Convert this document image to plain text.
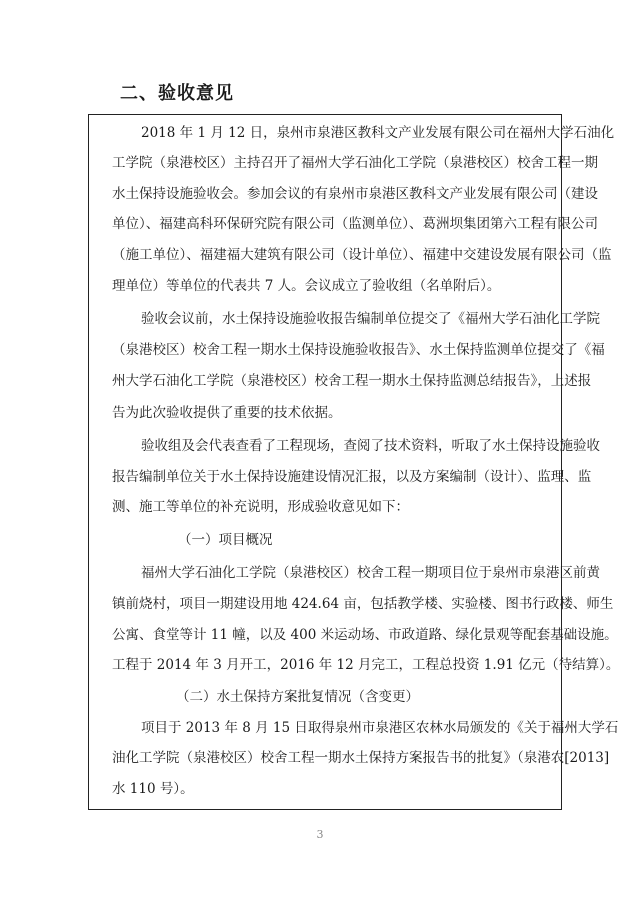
二、验收意见

2018 年 1 月 12 日，泉州市泉港区教科文产业发展有限公司在福州大学石油化

工学院（泉港校区）主持召开了福州大学石油化工学院（泉港校区）校舍工程一期

水土保持设施验收会。参加会议的有泉州市泉港区教科文产业发展有限公司（建设

单位）、福建高科环保研究院有限公司（监测单位）、葛洲坝集团第六工程有限公司

（施工单位）、福建福大建筑有限公司（设计单位）、福建中交建设发展有限公司（监

理单位）等单位的代表共 7 人。会议成立了验收组（名单附后）。

验收会议前，水土保持设施验收报告编制单位提交了《福州大学石油化工学院

（泉港校区）校舍工程一期水土保持设施验收报告》、水土保持监测单位提交了《福

州大学石油化工学院（泉港校区）校舍工程一期水土保持监测总结报告》，上述报

告为此次验收提供了重要的技术依据。

验收组及会代表查看了工程现场，查阅了技术资料，听取了水土保持设施验收

报告编制单位关于水土保持设施建设情况汇报，以及方案编制（设计）、监理、监

测、施工等单位的补充说明，形成验收意见如下：

（一）项目概况

福州大学石油化工学院（泉港校区）校舍工程一期项目位于泉州市泉港区前黄

镇前烧村，项目一期建设用地 424.64 亩，包括教学楼、实验楼、图书行政楼、师生

公寓、食堂等计 11 幢，以及 400 米运动场、市政道路、绿化景观等配套基础设施。

工程于 2014 年 3 月开工，2016 年 12 月完工，工程总投资 1.91 亿元（待结算）。

（二）水土保持方案批复情况（含变更）

项目于 2013 年 8 月 15 日取得泉州市泉港区农林水局颁发的《关于福州大学石

油化工学院（泉港校区）校舍工程一期水土保持方案报告书的批复》（泉港农[2013]

水 110 号）。

3
